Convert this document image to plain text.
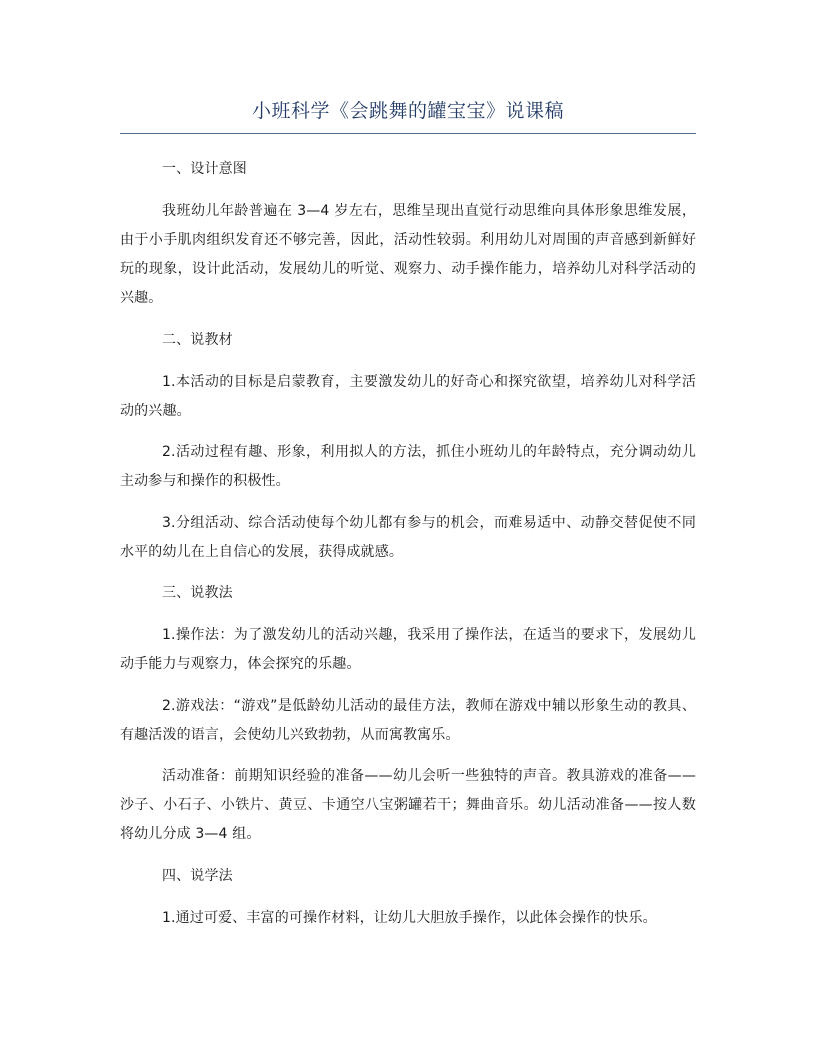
小班科学《会跳舞的罐宝宝》说课稿

一、设计意图

我班幼儿年龄普遍在 3—4 岁左右，思维呈现出直觉行动思维向具体形象思维发展，由于小手肌肉组织发育还不够完善，因此，活动性较弱。利用幼儿对周围的声音感到新鲜好玩的现象，设计此活动，发展幼儿的听觉、观察力、动手操作能力，培养幼儿对科学活动的兴趣。

二、说教材

1.本活动的目标是启蒙教育，主要激发幼儿的好奇心和探究欲望，培养幼儿对科学活动的兴趣。

2.活动过程有趣、形象，利用拟人的方法，抓住小班幼儿的年龄特点，充分调动幼儿主动参与和操作的积极性。

3.分组活动、综合活动使每个幼儿都有参与的机会，而难易适中、动静交替促使不同水平的幼儿在上自信心的发展，获得成就感。

三、说教法

1.操作法：为了激发幼儿的活动兴趣，我采用了操作法，在适当的要求下，发展幼儿动手能力与观察力，体会探究的乐趣。

2.游戏法：“游戏”是低龄幼儿活动的最佳方法，教师在游戏中辅以形象生动的教具、有趣活泼的语言，会使幼儿兴致勃勃，从而寓教寓乐。

活动准备：前期知识经验的准备——幼儿会听一些独特的声音。教具游戏的准备——沙子、小石子、小铁片、黄豆、卡通空八宝粥罐若干；舞曲音乐。幼儿活动准备——按人数将幼儿分成 3—4 组。

四、说学法

1.通过可爱、丰富的可操作材料，让幼儿大胆放手操作，以此体会操作的快乐。
